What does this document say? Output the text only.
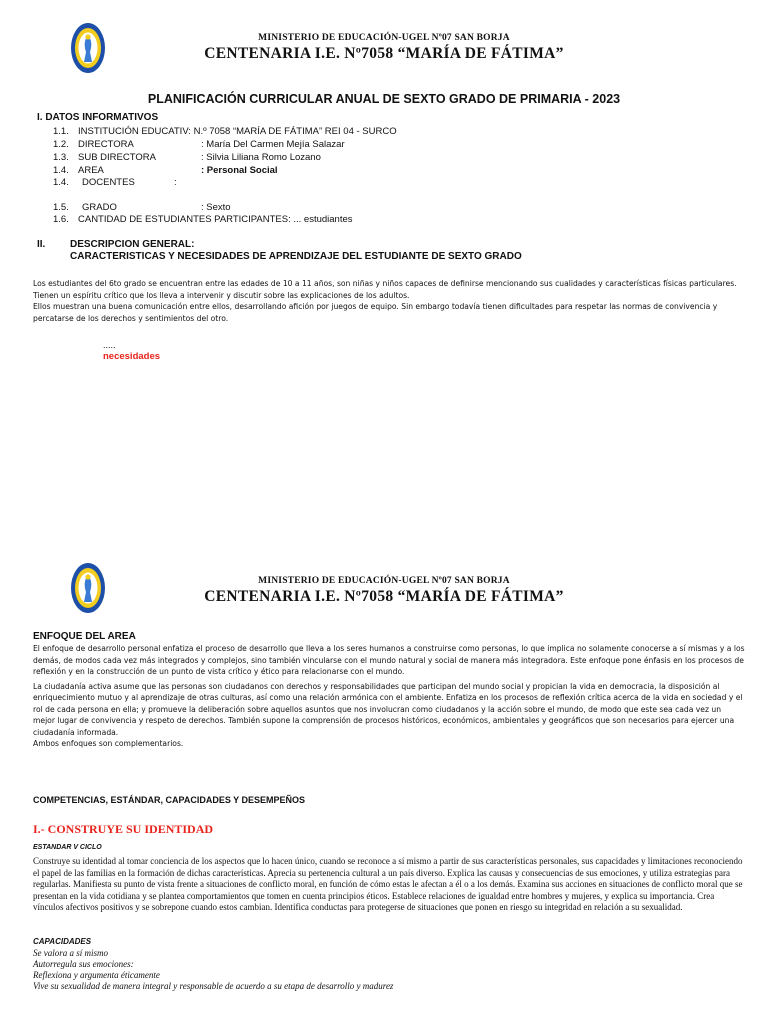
MINISTERIO DE EDUCACIÓN-UGEL Nº07 SAN BORJA
CENTENARIA I.E. Nº7058 “MARÍA DE FÁTIMA”
PLANIFICACIÓN CURRICULAR ANUAL DE SEXTO GRADO DE PRIMARIA - 2023
I. DATOS INFORMATIVOS
1.1. INSTITUCIÓN EDUCATIV: N.º 7058 “MARÍA DE FÁTIMA” REI 04 - SURCO
1.2. DIRECTORA	: María Del Carmen Mejía Salazar
1.3. SUB DIRECTORA	: Silvia Liliana Romo Lozano
1.4. AREA	: Personal Social
1.4. DOCENTES	:
1.5. GRADO	: Sexto
1.6. CANTIDAD DE ESTUDIANTES PARTICIPANTES: ... estudiantes
II. DESCRIPCION GENERAL:
CARACTERISTICAS Y NECESIDADES DE APRENDIZAJE DEL ESTUDIANTE DE SEXTO GRADO

Los estudiantes del 6to grado se encuentran entre las edades de 10 a 11 años, son niñas y niños capaces de definirse mencionando sus cualidades y características físicas particulares. Tienen un espíritu crítico que los lleva a intervenir y discutir sobre las explicaciones de los adultos.

Ellos muestran una buena comunicación entre ellos, desarrollando afición por juegos de equipo. Sin embargo todavía tienen dificultades para respetar las normas de convivencia y percatarse de los derechos y sentimientos del otro.

.....
necesidades
MINISTERIO DE EDUCACIÓN-UGEL Nº07 SAN BORJA
CENTENARIA I.E. Nº7058 “MARÍA DE FÁTIMA”
ENFOQUE DEL AREA

El enfoque de desarrollo personal enfatiza el proceso de desarrollo que lleva a los seres humanos a construirse como personas, lo que implica no solamente conocerse a sí mismas y a los demás, de modos cada vez más integrados y complejos, sino también vincularse con el mundo natural y social de manera más integradora. Este enfoque pone énfasis en los procesos de reflexión y en la construcción de un punto de vista crítico y ético para relacionarse con el mundo.

La ciudadanía activa asume que las personas son ciudadanos con derechos y responsabilidades que participan del mundo social y propician la vida en democracia, la disposición al enriquecimiento mutuo y al aprendizaje de otras culturas, así como una relación armónica con el ambiente. Enfatiza en los procesos de reflexión crítica acerca de la vida en sociedad y el rol de cada persona en ella; y promueve la deliberación sobre aquellos asuntos que nos involucran como ciudadanos y la acción sobre el mundo, de modo que este sea cada vez un mejor lugar de convivencia y respeto de derechos. También supone la comprensión de procesos históricos, económicos, ambientales y geográficos que son necesarios para ejercer una ciudadanía informada.

Ambos enfoques son complementarios.

COMPETENCIAS, ESTÁNDAR, CAPACIDADES Y DESEMPEÑOS
I.- CONSTRUYE SU IDENTIDAD
ESTANDAR V CICLO
Construye su identidad al tomar conciencia de los aspectos que lo hacen único, cuando se reconoce a sí mismo a partir de sus características personales, sus capacidades y limitaciones reconociendo el papel de las familias en la formación de dichas características. Aprecia su pertenencia cultural a un país diverso. Explica las causas y consecuencias de sus emociones, y utiliza estrategias para regularlas. Manifiesta su punto de vista frente a situaciones de conflicto moral, en función de cómo estas le afectan a él o a los demás. Examina sus acciones en situaciones de conflicto moral que se presentan en la vida cotidiana y se plantea comportamientos que tomen en cuenta principios éticos. Establece relaciones de igualdad entre hombres y mujeres, y explica su importancia. Crea vínculos afectivos positivos y se sobrepone cuando estos cambian. Identifica conductas para protegerse de situaciones que ponen en riesgo su integridad en relación a su sexualidad.
CAPACIDADES
Se valora a sí mismo
Autorregula sus emociones:
Reflexiona y argumenta éticamente
Vive su sexualidad de manera integral y responsable de acuerdo a su etapa de desarrollo y madurez
